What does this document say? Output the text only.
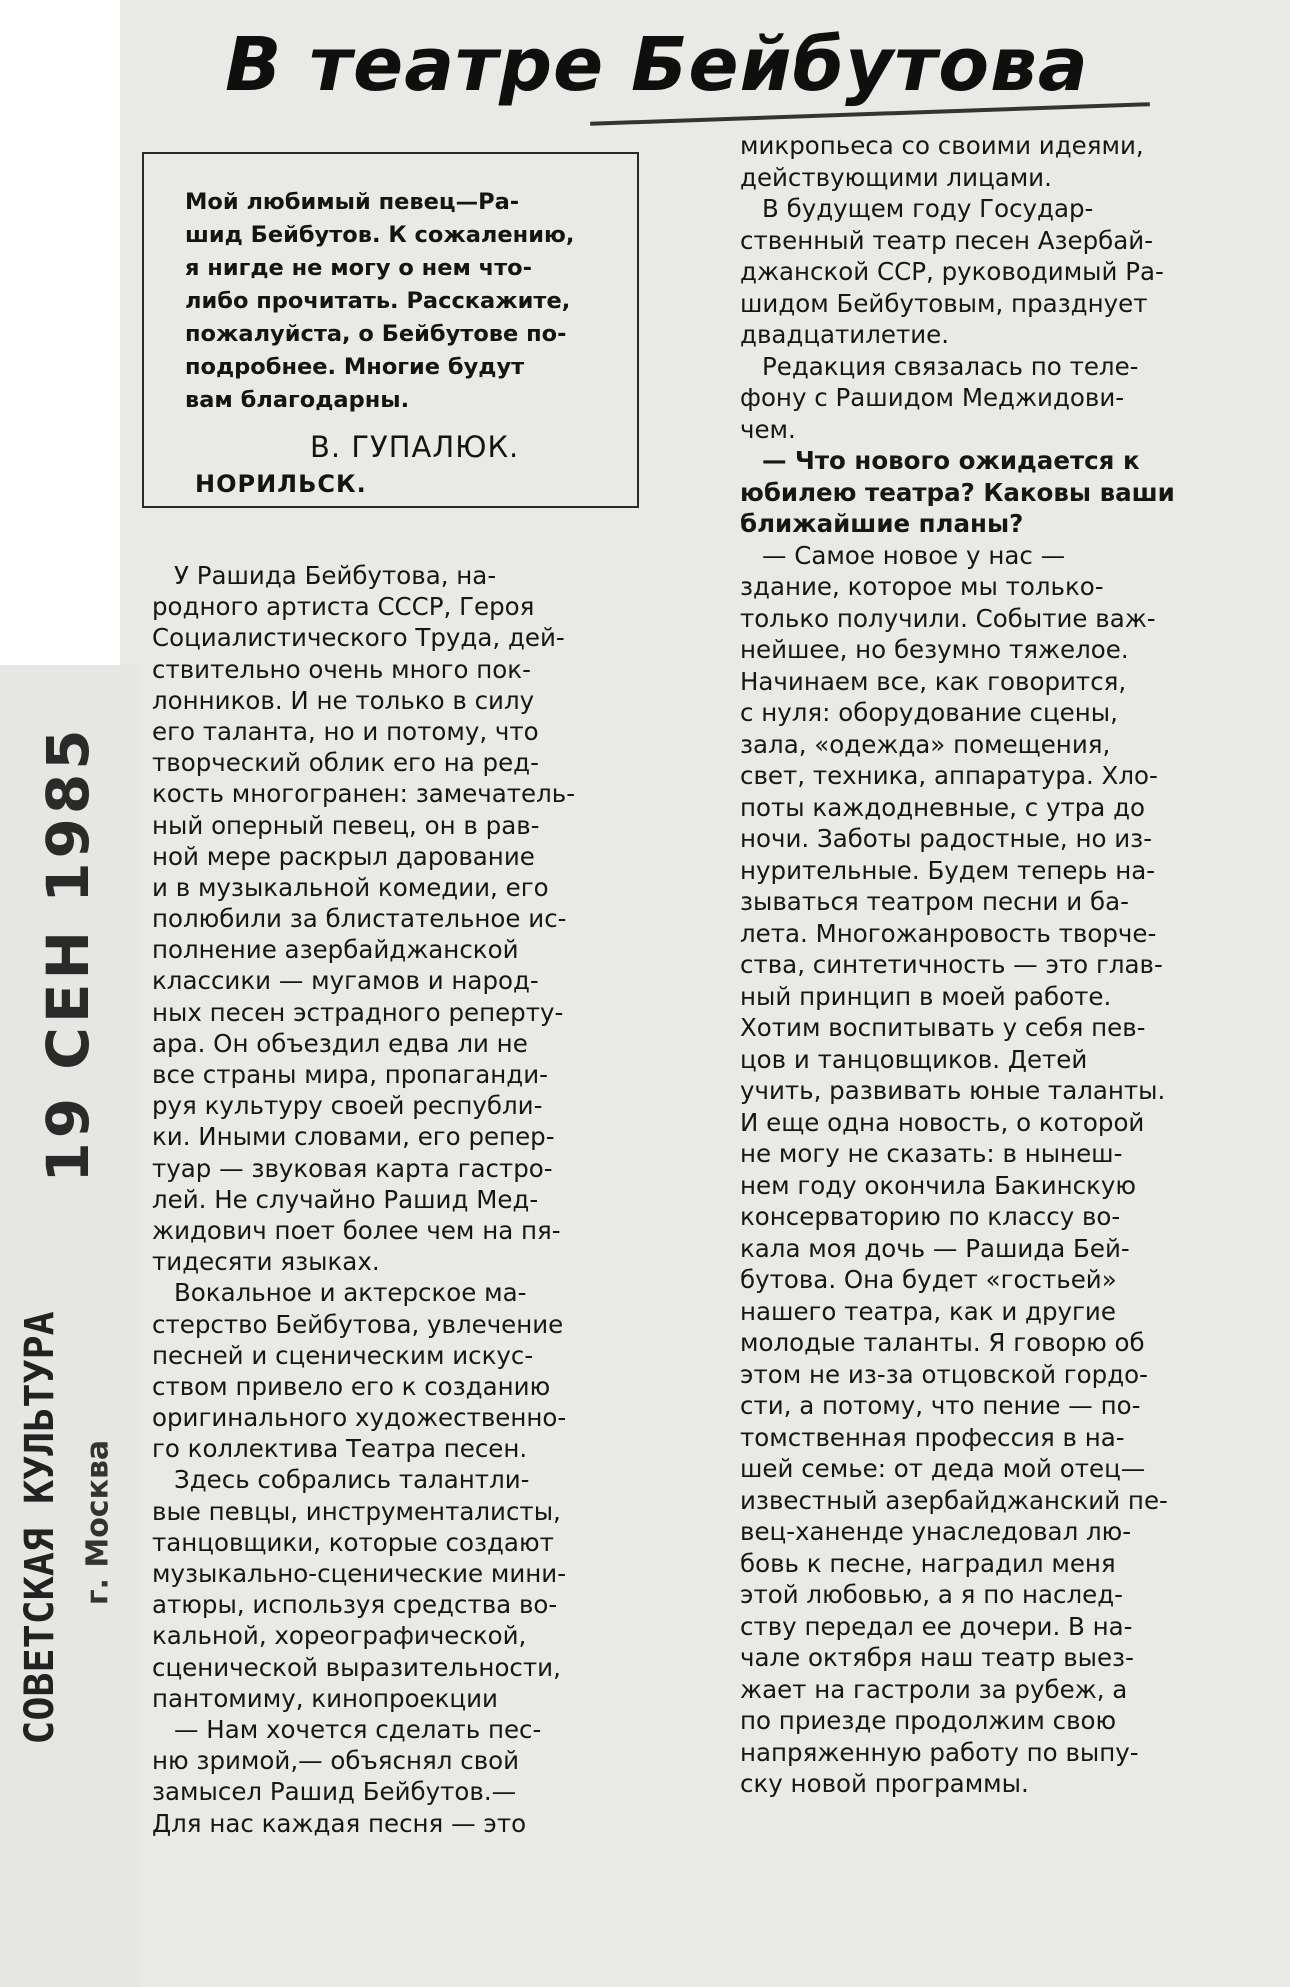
19 СЕН 1985
СОВЕТСКАЯ КУЛЬТУРА г. Москва
В театре Бейбутова
Мой любимый певец—Ра-
шид Бейбутов. К сожалению,
я нигде не могу о нем что-
либо прочитать. Расскажите,
пожалуйста, о Бейбутове по-
подробнее. Многие будут
вам благодарны.
В. ГУПАЛЮК.
НОРИЛЬСК.
У Рашида Бейбутова, на-
родного артиста СССР, Героя
Социалистического Труда, дей-
ствительно очень много пок-
лонников. И не только в силу
его таланта, но и потому, что
творческий облик его на ред-
кость многогранен: замечатель-
ный оперный певец, он в рав-
ной мере раскрыл дарование
и в музыкальной комедии, его
полюбили за блистательное ис-
полнение азербайджанской
классики — мугамов и народ-
ных песен эстрадного реперту-
ара. Он объездил едва ли не
все страны мира, пропаганди-
руя культуру своей республи-
ки. Иными словами, его репер-
туар — звуковая карта гастро-
лей. Не случайно Рашид Мед-
жидович поет более чем на пя-
тидесяти языках.
Вокальное и актерское ма-
стерство Бейбутова, увлечение
песней и сценическим искус-
ством привело его к созданию
оригинального художественно-
го коллектива Театра песен.
Здесь собрались талантли-
вые певцы, инструменталисты,
танцовщики, которые создают
музыкально-сценические мини-
атюры, используя средства во-
кальной, хореографической,
сценической выразительности,
пантомиму, кинопроекции
— Нам хочется сделать пес-
ню зримой,— объяснял свой
замысел Рашид Бейбутов.—
Для нас каждая песня — это
микропьеса со своими идеями,
действующими лицами.
В будущем году Государ-
ственный театр песен Азербай-
джанской ССР, руководимый Ра-
шидом Бейбутовым, празднует
двадцатилетие.
Редакция связалась по теле-
фону с Рашидом Меджидови-
чем.
— Что нового ожидается к
юбилею театра? Каковы ваши
ближайшие планы?
— Самое новое у нас —
здание, которое мы только-
только получили. Событие важ-
нейшее, но безумно тяжелое.
Начинаем все, как говорится,
с нуля: оборудование сцены,
зала, «одежда» помещения,
свет, техника, аппаратура. Хло-
поты каждодневные, с утра до
ночи. Заботы радостные, но из-
нурительные. Будем теперь на-
зываться театром песни и ба-
лета. Многожанровость творче-
ства, синтетичность — это глав-
ный принцип в моей работе.
Хотим воспитывать у себя пев-
цов и танцовщиков. Детей
учить, развивать юные таланты.
И еще одна новость, о которой
не могу не сказать: в нынеш-
нем году окончила Бакинскую
консерваторию по классу во-
кала моя дочь — Рашида Бей-
бутова. Она будет «гостьей»
нашего театра, как и другие
молодые таланты. Я говорю об
этом не из-за отцовской гордо-
сти, а потому, что пение — по-
томственная профессия в на-
шей семье: от деда мой отец—
известный азербайджанский пе-
вец-ханенде унаследовал лю-
бовь к песне, наградил меня
этой любовью, а я по наслед-
ству передал ее дочери. В на-
чале октября наш театр выез-
жает на гастроли за рубеж, а
по приезде продолжим свою
напряженную работу по выпу-
ску новой программы.
